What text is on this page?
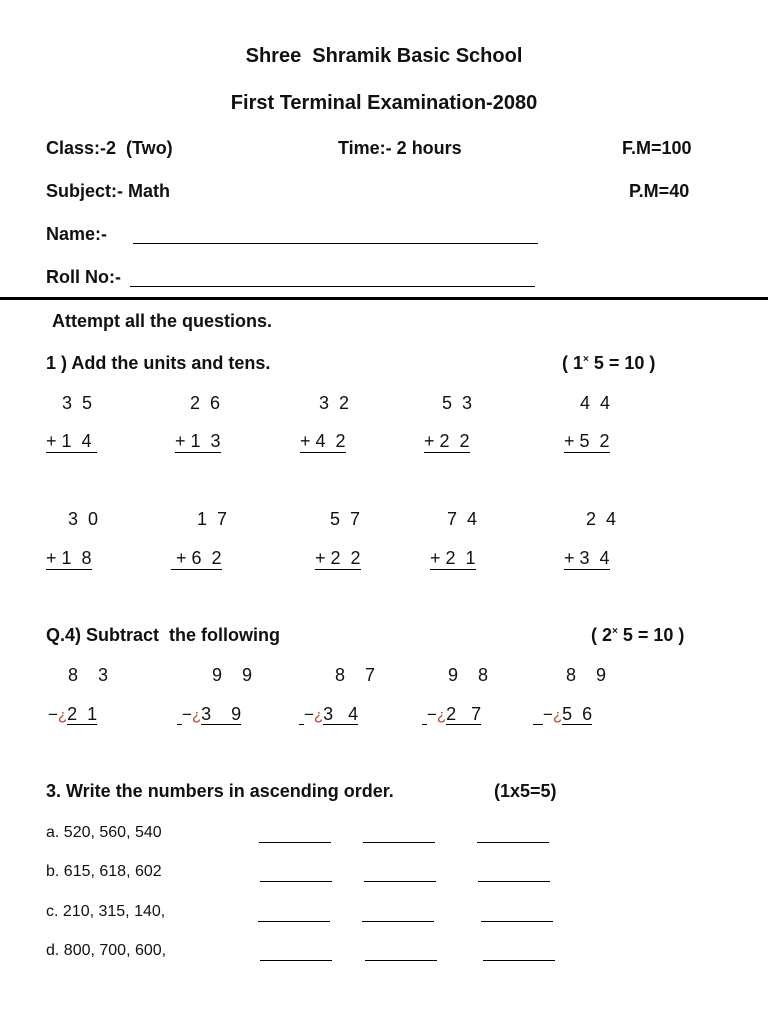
Shree  Shramik Basic School
First Terminal Examination-2080
Class:-2  (Two)	Time:- 2 hours	F.M=100
Subject:- Math	P.M=40
Name:-
Roll No:-
Attempt all the questions.
1 ) Add the units and tens.	( 1× 5 = 10 )
3  5	2  6	3  2	5  3	4  4
+ 1  4	+ 1  3	+ 4  2	+ 2  2	+ 5  2
3  0	1  7	5  7	7  4	2  4
+ 1  8	+ 6  2	+ 2  2	+ 2  1	+ 3  4
Q.4) Subtract  the following	( 2× 5 = 10 )
8    3	9    9	8    7	9    8	8    9
−¿2  1	−¿3    9	−¿3   4	−¿2   7	−¿5  6
3. Write the numbers in ascending order.	(1x5=5)
a. 520, 560, 540
b. 615, 618, 602
c. 210, 315, 140,
d. 800, 700, 600,
